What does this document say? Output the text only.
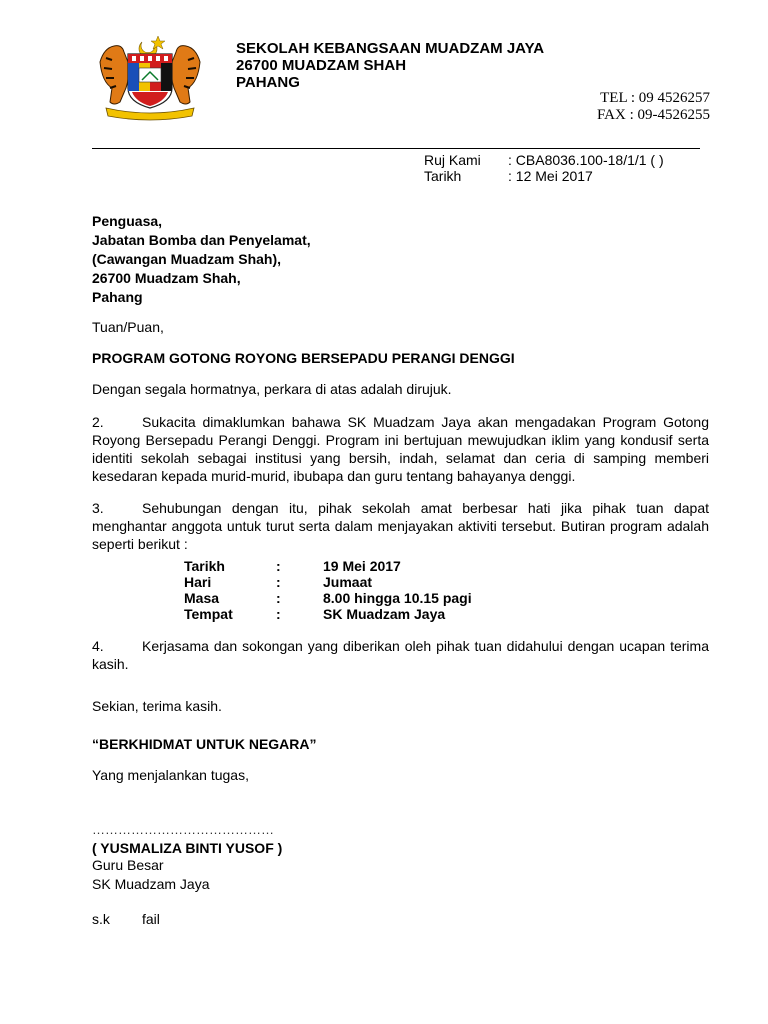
SEKOLAH KEBANGSAAN MUADZAM JAYA
26700 MUADZAM SHAH
PAHANG
TEL : 09 4526257
FAX : 09-4526255
Ruj Kami : CBA8036.100-18/1/1 ( )
Tarikh	: 12 Mei 2017
Penguasa,
Jabatan Bomba dan Penyelamat,
(Cawangan Muadzam Shah),
26700 Muadzam Shah,
Pahang
Tuan/Puan,
PROGRAM GOTONG ROYONG BERSEPADU PERANGI DENGGI
Dengan segala hormatnya, perkara di atas adalah dirujuk.

2.	Sukacita dimaklumkan bahawa SK Muadzam Jaya akan mengadakan Program Gotong Royong Bersepadu Perangi Denggi. Program ini bertujuan mewujudkan iklim yang kondusif serta identiti sekolah sebagai institusi yang bersih, indah, selamat dan ceria di samping memberi kesedaran kepada murid-murid, ibubapa dan guru tentang bahayanya denggi.

3.	Sehubungan dengan itu, pihak sekolah amat berbesar hati jika pihak tuan dapat menghantar anggota untuk turut serta dalam menjayakan aktiviti tersebut. Butiran program adalah seperti berikut :

Tarikh	:	19 Mei 2017
Hari	:	Jumaat
Masa	:	8.00 hingga 10.15 pagi
Tempat	:	SK Muadzam Jaya

4.	Kerjasama dan sokongan yang diberikan oleh pihak tuan didahului dengan ucapan terima kasih.

Sekian, terima kasih.
“BERKHIDMAT UNTUK NEGARA”
Yang menjalankan tugas,
……………………………………
( YUSMALIZA BINTI YUSOF )
Guru Besar
SK Muadzam Jaya
s.k fail
